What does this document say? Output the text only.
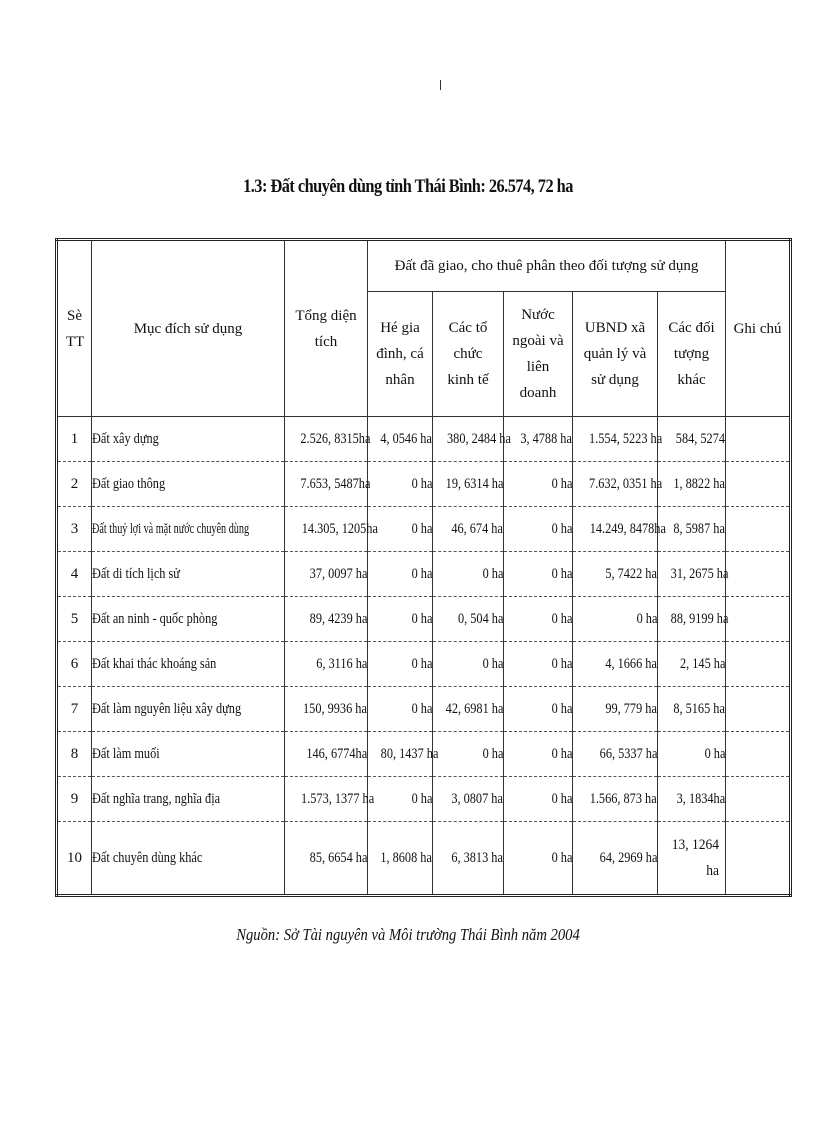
1.3: Đất chuyên dùng tỉnh Thái Bình: 26.574, 72 ha
Sè TT	Mục đích sử dụng	Tổng diện tích	Đất đã giao, cho thuê phân theo đối tượng sử dụng					Ghi chú
			Hé gia đình, cá nhân	Các tổ chức kinh tế	Nước ngoài và liên doanh	UBND xã quản lý và sử dụng	Các đối tượng khác	
1	Đất xây dựng	2.526, 8315ha	4, 0546 ha	380, 2484 ha	3, 4788 ha	1.554, 5223 ha	584, 5274	
2	Đất giao thông	7.653, 5487ha	0 ha	19, 6314 ha	0 ha	7.632, 0351 ha	1, 8822 ha	
3	Đất thuỷ lợi và mặt nước chuyên dùng	14.305, 1205ha	0 ha	46, 674 ha	0 ha	14.249, 8478ha	8, 5987 ha	
4	Đất di tích lịch sử	37, 0097 ha	0 ha	0 ha	0 ha	5, 7422 ha	31, 2675 ha	
5	Đất an ninh - quốc phòng	89, 4239 ha	0 ha	0, 504 ha	0 ha	0 ha	88, 9199 ha	
6	Đất khai thác khoáng sản	6, 3116 ha	0 ha	0 ha	0 ha	4, 1666 ha	2, 145 ha	
7	Đất làm nguyên liệu xây dựng	150, 9936 ha	0 ha	42, 6981 ha	0 ha	99, 779 ha	8, 5165 ha	
8	Đất làm muối	146, 6774ha	80, 1437 ha	0 ha	0 ha	66, 5337 ha	0 ha	
9	Đất nghĩa trang, nghĩa địa	1.573, 1377 ha	0 ha	3, 0807 ha	0 ha	1.566, 873 ha	3, 1834ha	
10	Đất chuyên dùng khác	85, 6654 ha	1, 8608 ha	6, 3813 ha	0 ha	64, 2969 ha	13, 1264 ha	
Nguồn: Sở Tài nguyên và Môi trường Thái Bình năm 2004
